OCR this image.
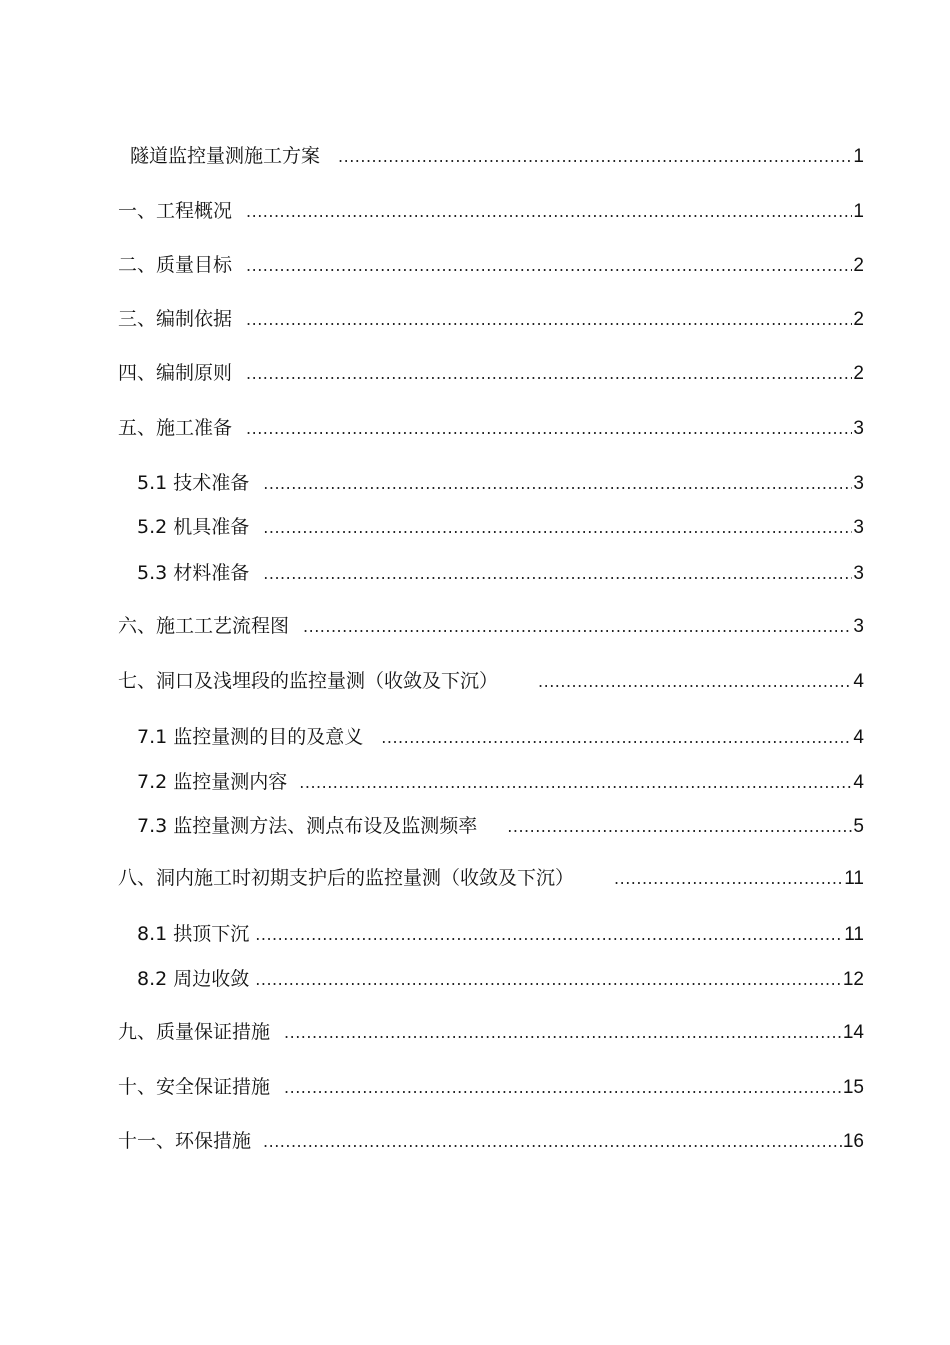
隧道监控量测施工方案 .....	1
一、工程概况 .....	1
二、质量目标 .....	2
三、编制依据 .....	2
四、编制原则 .....	2
五、施工准备 .....	3
5.1 技术准备 .....	3
5.2 机具准备 .....	3
5.3 材料准备 .....	3
六、施工工艺流程图 .....	3
七、洞口及浅埋段的监控量测（收敛及下沉） .....	4
7.1 监控量测的目的及意义 .....	4
7.2 监控量测内容 .....	4
7.3 监控量测方法、测点布设及监测频率 .....	5
八、洞内施工时初期支护后的监控量测（收敛及下沉） .....	11
8.1 拱顶下沉 .....	11
8.2 周边收敛 .....	12
九、质量保证措施 .....	14
十、安全保证措施 .....	15
十一、环保措施 .....	16
